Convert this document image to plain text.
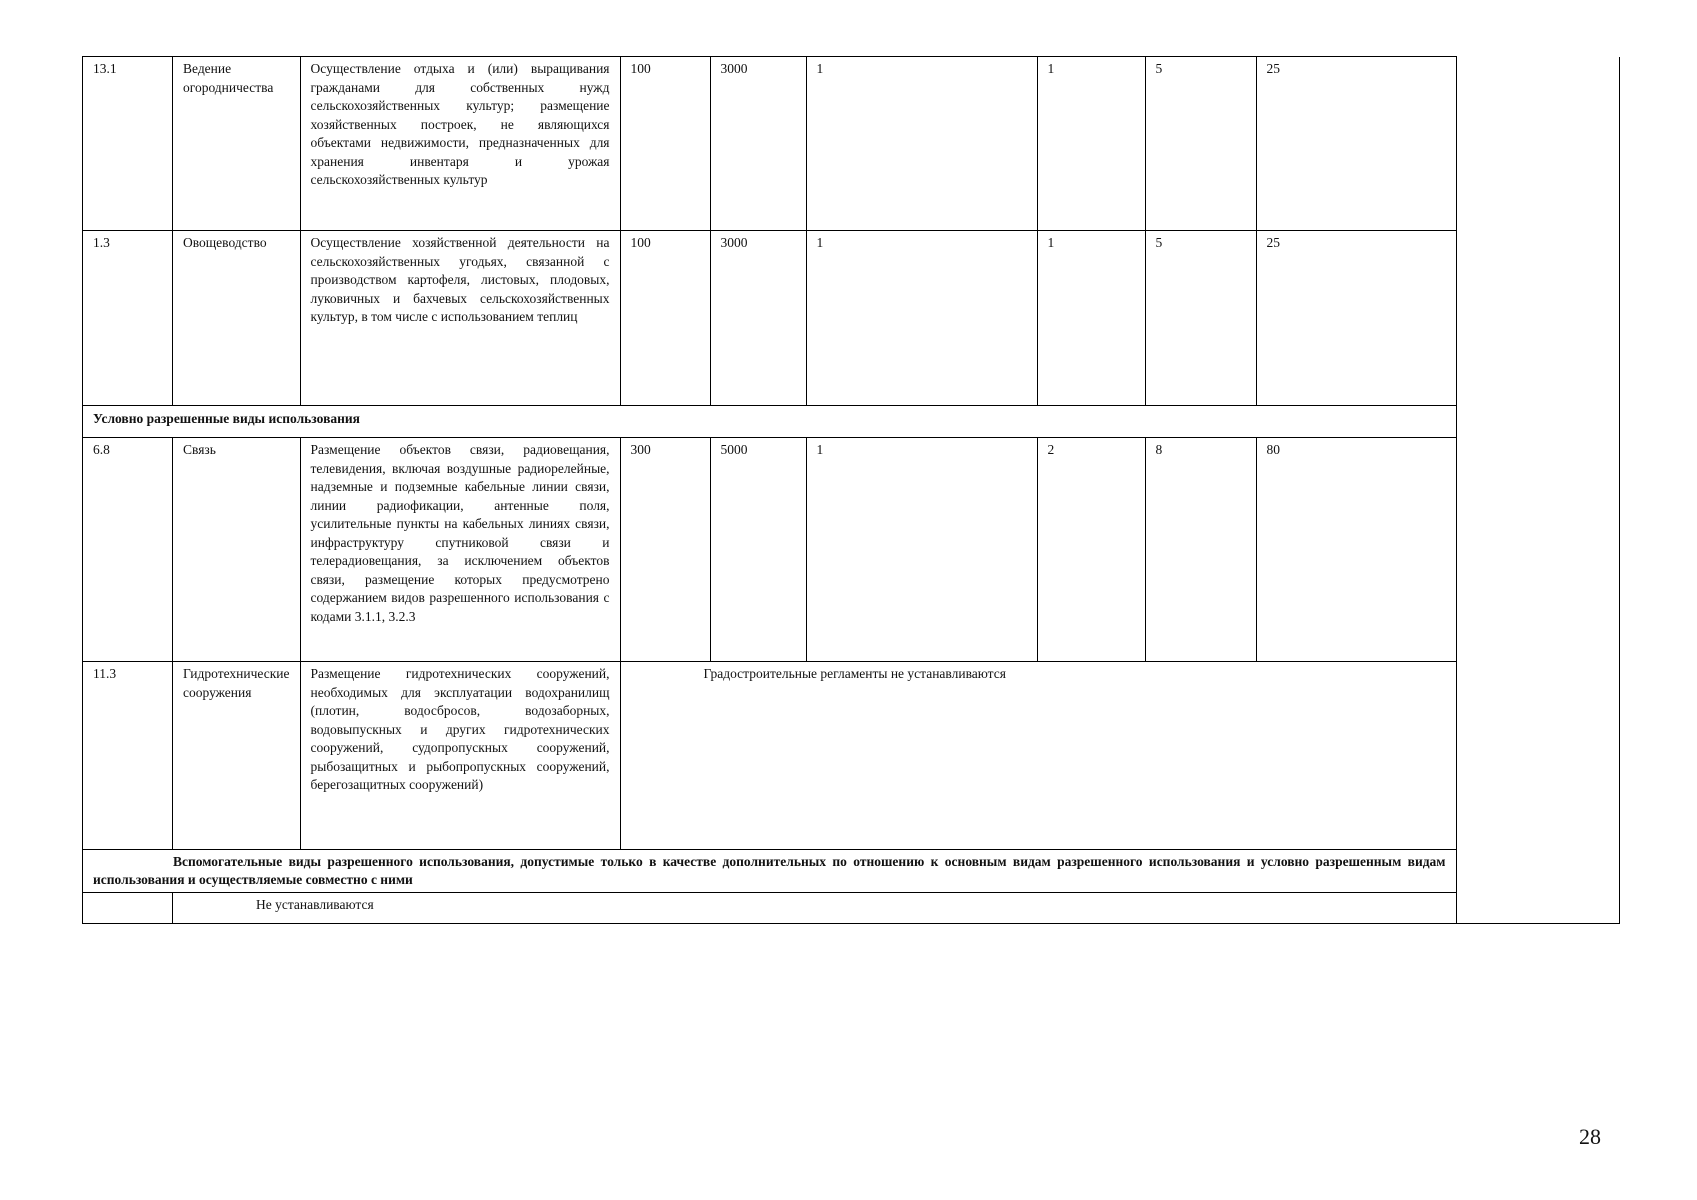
13.1	Ведение огородничества	Осуществление отдыха и (или) выращивания гражданами для собственных нужд сельскохозяйственных культур; размещение хозяйственных построек, не являющихся объектами недвижимости, предназначенных для хранения инвентаря и урожая сельскохозяйственных культур	100	3000	1	1	5	25	
1.3	Овощеводство	Осуществление хозяйственной деятельности на сельскохозяйственных угодьях, связанной с производством картофеля, листовых, плодовых, луковичных и бахчевых сельскохозяйственных культур, в том числе с использованием теплиц	100	3000	1	1	5	25	
Условно разрешенные виды использования									
6.8	Связь	Размещение объектов связи, радиовещания, телевидения, включая воздушные радиорелейные, надземные и подземные кабельные линии связи, линии радиофикации, антенные поля, усилительные пункты на кабельных линиях связи, инфраструктуру спутниковой связи и телерадиовещания, за исключением объектов связи, размещение которых предусмотрено содержанием видов разрешенного использования с кодами 3.1.1, 3.2.3	300	5000	1	2	8	80	
11.3	Гидротехнические сооружения	Размещение гидротехнических сооружений, необходимых для эксплуатации водохранилищ (плотин, водосбросов, водозаборных, водовыпускных и других гидротехнических сооружений, судопропускных сооружений, рыбозащитных и рыбопропускных сооружений, берегозащитных сооружений)	Градостроительные регламенты не устанавливаются						
Вспомогательные виды разрешенного использования, допустимые только в качестве дополнительных по отношению к основным видам разрешенного использования и условно разрешенным видам использования и осуществляемые совместно с ними									
	Не устанавливаются								
28
